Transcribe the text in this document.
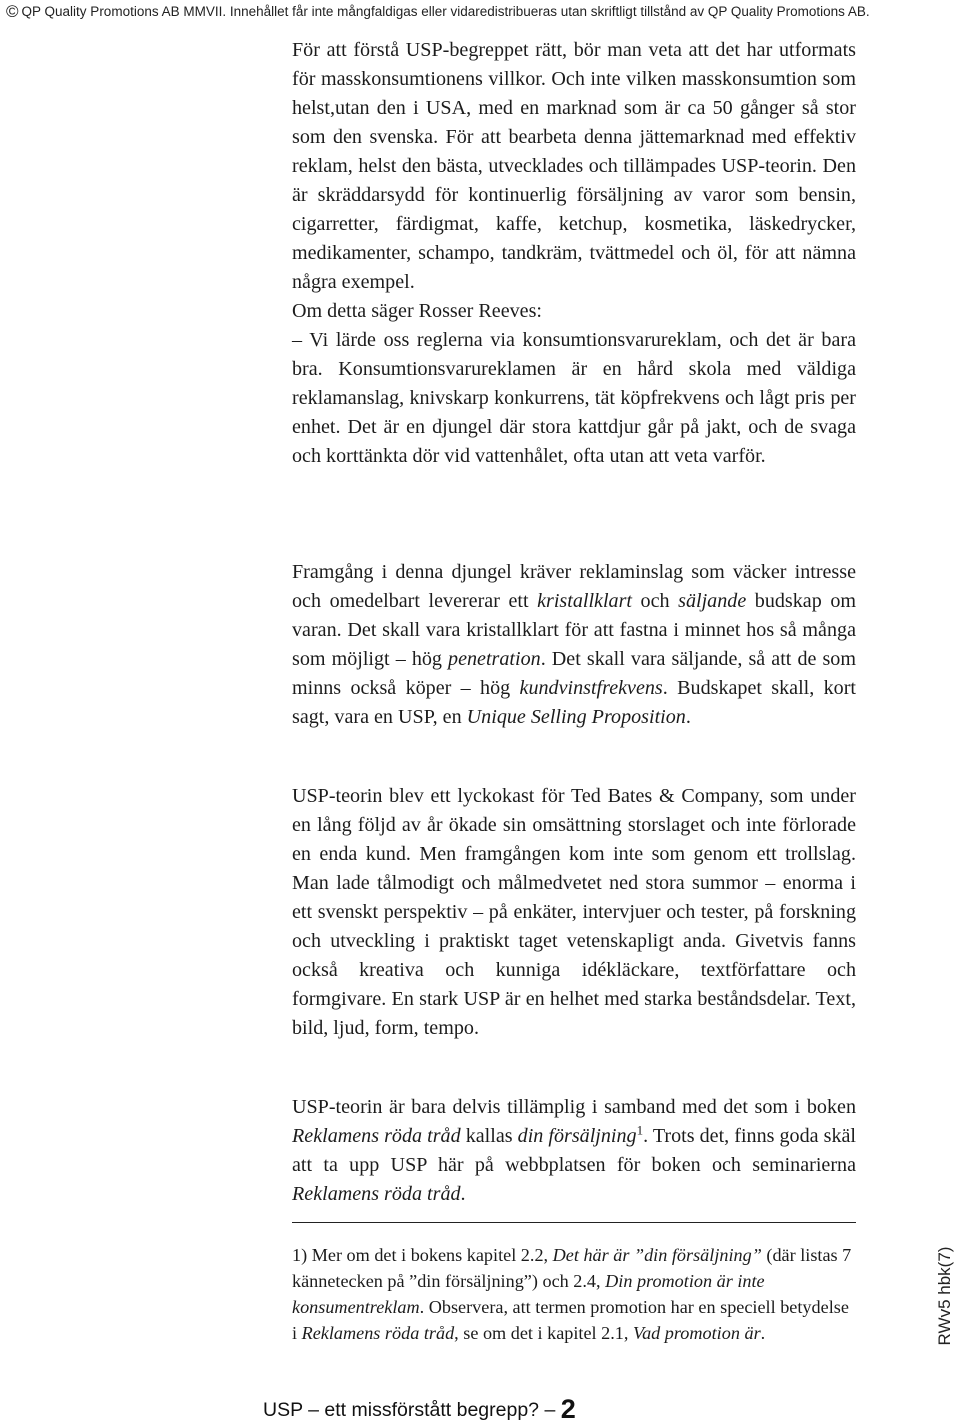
© QP Quality Promotions AB MMVII. Innehållet får inte mångfaldigas eller vidaredistribueras utan skriftligt tillstånd av QP Quality Promotions AB.

För att förstå USP-begreppet rätt, bör man veta att det har utformats för masskonsumtionens villkor. Och inte vilken masskonsumtion som helst,utan den i USA, med en marknad som är ca 50 gånger så stor som den svenska. För att bearbeta denna jättemarknad med effektiv reklam, helst den bästa, utvecklades och tillämpades USP-teorin. Den är skräddarsydd för kontinuerlig försäljning av varor som bensin, cigarretter, färdigmat, kaffe, ketchup, kosmetika, läskedrycker, medikamenter, schampo, tandkräm, tvättmedel och öl, för att nämna några exempel.

Om detta säger Rosser Reeves:

– Vi lärde oss reglerna via konsumtionsvarureklam, och det är bara bra. Konsumtionsvarureklamen är en hård skola med väldiga reklamanslag, knivskarp konkurrens, tät köpfrekvens och lågt pris per enhet. Det är en djungel där stora kattdjur går på jakt, och de svaga och korttänkta dör vid vattenhålet, ofta utan att veta varför.

Framgång i denna djungel kräver reklaminslag som väcker intresse och omedelbart levererar ett kristallklart och säljande budskap om varan. Det skall vara kristallklart för att fastna i minnet hos så många som möjligt – hög penetration. Det skall vara säljande, så att de som minns också köper – hög kundvinstfrekvens. Budskapet skall, kort sagt, vara en USP, en Unique Selling Proposition.

USP-teorin blev ett lyckokast för Ted Bates & Company, som under en lång följd av år ökade sin omsättning storslaget och inte förlorade en enda kund. Men framgången kom inte som genom ett trollslag. Man lade tålmodigt och målmedvetet ned stora summor – enorma i ett svenskt perspektiv – på enkäter, intervjuer och tester, på forskning och utveckling i praktiskt taget vetenskapligt anda. Givetvis fanns också kreativa och kunniga idékläckare, textförfattare och formgivare. En stark USP är en helhet med starka beståndsdelar. Text, bild, ljud, form, tempo.

USP-teorin är bara delvis tillämplig i samband med det som i boken Reklamens röda tråd kallas din försäljning$^1$. Trots det, finns goda skäl att ta upp USP här på webbplatsen för boken och seminarierna Reklamens röda tråd.

1) Mer om det i bokens kapitel 2.2, Det här är ”din försäljning” (där listas 7 kännetecken på ”din försäljning”) och 2.4, Din promotion är inte konsumentreklam. Observera, att termen promotion har en speciell betydelse i Reklamens röda tråd, se om det i kapitel 2.1, Vad promotion är.	RWv5 hbk(7)
USP – ett missförstått begrepp? – 2
